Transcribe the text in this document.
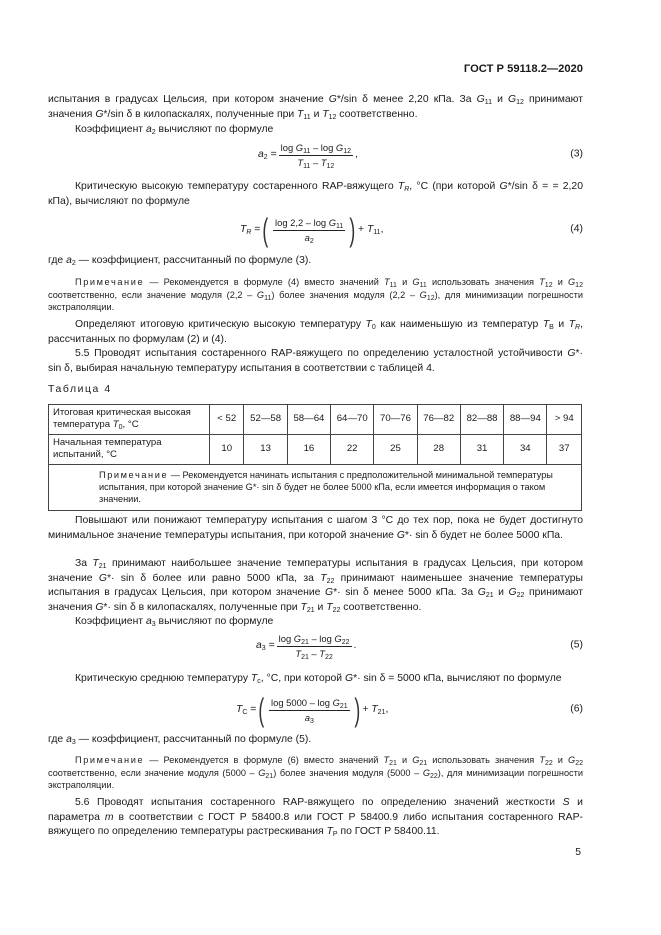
ГОСТ Р 59118.2—2020
испытания в градусах Цельсия, при котором значение G*/sin δ менее 2,20 кПа. За $G_{11}$ и $G_{12}$ принимают значения G*/sin δ в килопаскалях, полученные при $T_{11}$ и $T_{12}$ соответственно.
Коэффициент $a_2$ вычисляют по формуле
$a_2 = \frac{\log G_{11} - \log G_{12}}{T_{11} - T_{12}}$ ,	(3)
Критическую высокую температуру состаренного RAP-вяжущего $T_R$, °С (при которой G*/sin δ = = 2,20 кПа), вычисляют по формуле
$T_R$ = ( $\frac{\log 2,2 - \log G_{11}}{a_2}$ ) + $T_{11}$,	(4)
где $a_2$ — коэффициент, рассчитанный по формуле (3).
Примечание — Рекомендуется в формуле (4) вместо значений $T_{11}$ и $G_{11}$ использовать значения $T_{12}$ и $G_{12}$ соответственно, если значение модуля $(2,2 - G_{11})$ более значения модуля $(2,2 - G_{12})$, для минимизации погрешности экстраполяции.
Определяют итоговую критическую высокую температуру $T_0$ как наименьшую из температур $T_B$ и $T_R$, рассчитанных по формулам (2) и (4).
5.5 Проводят испытания состаренного RAP-вяжущего по определению усталостной устойчивости G*· sin δ, выбирая начальную температуру испытания в соответствии с таблицей 4.
Таблица 4
Итоговая критическая высокая температура $T_0$, °С	< 52	52—58	58—64	64—70	70—76	76—82	82—88	88—94	> 94
Начальная температура испытаний, °С	10	13	16	22	25	28	31	34	37
Примечание — Рекомендуется начинать испытания с предположительной минимальной температуры испытания, при которой значение G*· sin δ будет не более 5000 кПа, если имеется информация о таком значении.									
Повышают или понижают температуру испытания с шагом 3 °С до тех пор, пока не будет достигнуто минимальное значение температуры испытания, при которой значение G*· sin δ будет не более 5000 кПа.
За $T_{21}$ принимают наибольшее значение температуры испытания в градусах Цельсия, при котором значение G*· sin δ более или равно 5000 кПа, за $T_{22}$ принимают наименьшее значение температуры испытания в градусах Цельсия, при котором значение G*· sin δ менее 5000 кПа. За $G_{21}$ и $G_{22}$ принимают значения G*· sin δ в килопаскалях, полученные при $T_{21}$ и $T_{22}$ соответственно.
Коэффициент $a_3$ вычисляют по формуле
$a_3 = \frac{\log G_{21} - \log G_{22}}{T_{21} - T_{22}}$ .	(5)
Критическую среднюю температуру $T_c$, °С, при которой G*· sin δ = 5000 кПа, вычисляют по формуле
$T_C$ = ( $\frac{\log 5000 - \log G_{21}}{a_3}$ ) + $T_{21}$,	(6)
где $a_3$ — коэффициент, рассчитанный по формуле (5).
Примечание — Рекомендуется в формуле (6) вместо значений $T_{21}$ и $G_{21}$ использовать значения $T_{22}$ и $G_{22}$ соответственно, если значение модуля $(5000 - G_{21})$ более значения модуля $(5000 - G_{22})$, для минимизации погрешности экстраполяции.
5.6 Проводят испытания состаренного RAP-вяжущего по определению значений жесткости S и параметра m в соответствии с ГОСТ Р 58400.8 или ГОСТ Р 58400.9 либо испытания состаренного RAP-вяжущего по определению температуры растрескивания $T_P$ по ГОСТ Р 58400.11.
5
